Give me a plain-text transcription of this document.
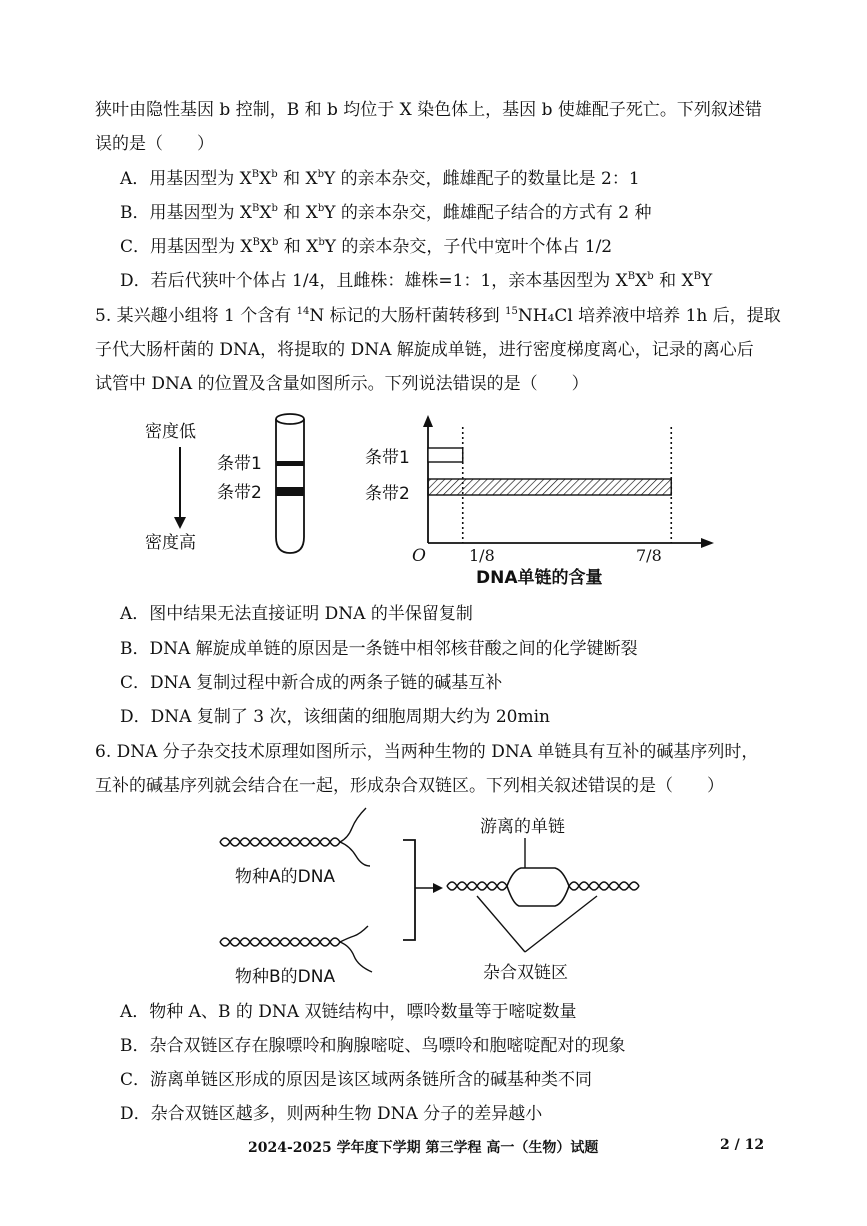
狭叶由隐性基因 b 控制，B 和 b 均位于 X 染色体上，基因 b 使雄配子死亡。下列叙述错
误的是（　　）
A．用基因型为 $X^BX^b$ 和 $X^bY$ 的亲本杂交，雌雄配子的数量比是 2：1
B．用基因型为 $X^BX^b$ 和 $X^bY$ 的亲本杂交，雌雄配子结合的方式有 2 种
C．用基因型为 $X^BX^b$ 和 $X^bY$ 的亲本杂交，子代中宽叶个体占 1/2
D．若后代狭叶个体占 1/4，且雌株：雄株=1：1，亲本基因型为 $X^BX^b$ 和 $X^BY$
5. 某兴趣小组将 1 个含有 $^{14}$N 标记的大肠杆菌转移到 $^{15}$NH₄Cl 培养液中培养 1h 后，提取
子代大肠杆菌的 DNA，将提取的 DNA 解旋成单链，进行密度梯度离心，记录的离心后
试管中 DNA 的位置及含量如图所示。下列说法错误的是（　　）
密度低
密度高
条带1
条带2
条带1
条带2
O	1/8	7/8
DNA单链的含量
A．图中结果无法直接证明 DNA 的半保留复制
B．DNA 解旋成单链的原因是一条链中相邻核苷酸之间的化学键断裂
C．DNA 复制过程中新合成的两条子链的碱基互补
D．DNA 复制了 3 次，该细菌的细胞周期大约为 20min
6. DNA 分子杂交技术原理如图所示，当两种生物的 DNA 单链具有互补的碱基序列时，
互补的碱基序列就会结合在一起，形成杂合双链区。下列相关叙述错误的是（　　）
物种A的DNA
物种B的DNA
游离的单链
杂合双链区
A．物种 A、B 的 DNA 双链结构中，嘌呤数量等于嘧啶数量
B．杂合双链区存在腺嘌呤和胸腺嘧啶、鸟嘌呤和胞嘧啶配对的现象
C．游离单链区形成的原因是该区域两条链所含的碱基种类不同
D．杂合双链区越多，则两种生物 DNA 分子的差异越小
2024-2025 学年度下学期 第三学程 高一（生物）试题	2 / 12
